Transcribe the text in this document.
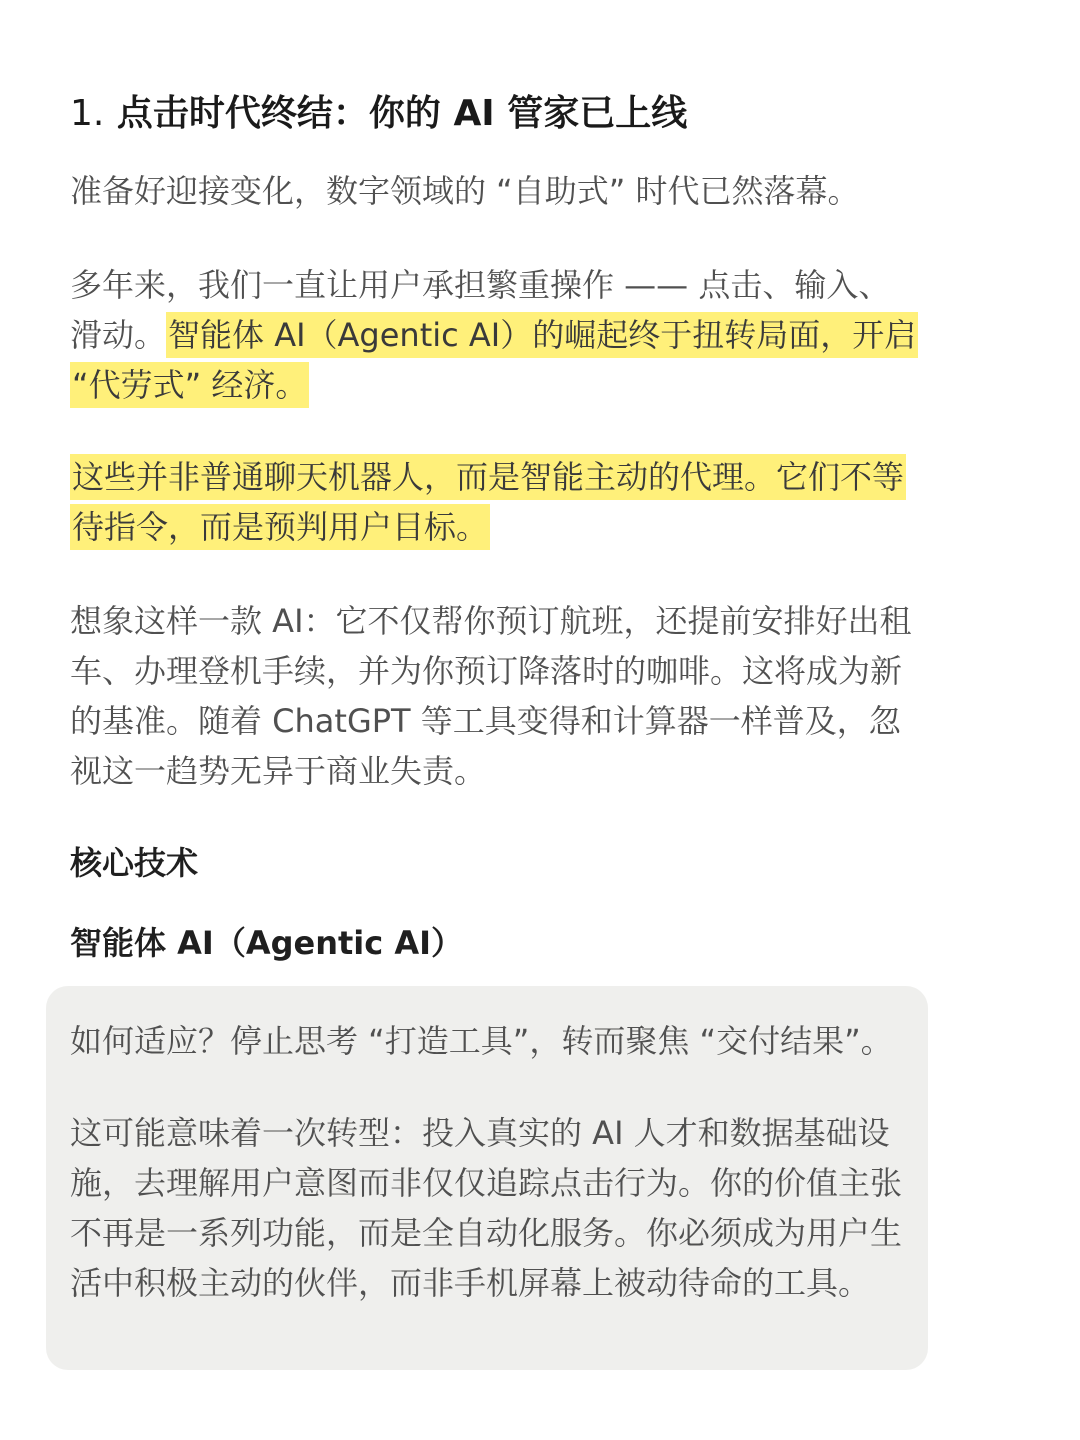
1. 点击时代终结：你的 AI 管家已上线

准备好迎接变化，数字领域的 “自助式” 时代已然落幕。

多年来，我们一直让用户承担繁重操作 —— 点击、输入、滑动。智能体 AI（Agentic AI）的崛起终于扭转局面，开启 “代劳式” 经济。

这些并非普通聊天机器人，而是智能主动的代理。它们不等待指令，而是预判用户目标。

想象这样一款 AI：它不仅帮你预订航班，还提前安排好出租车、办理登机手续，并为你预订降落时的咖啡。这将成为新的基准。随着 ChatGPT 等工具变得和计算器一样普及，忽视这一趋势无异于商业失责。

核心技术
智能体 AI（Agentic AI）

如何适应？停止思考 “打造工具”，转而聚焦 “交付结果”。

这可能意味着一次转型：投入真实的 AI 人才和数据基础设施，去理解用户意图而非仅仅追踪点击行为。你的价值主张不再是一系列功能，而是全自动化服务。你必须成为用户生活中积极主动的伙伴，而非手机屏幕上被动待命的工具。
